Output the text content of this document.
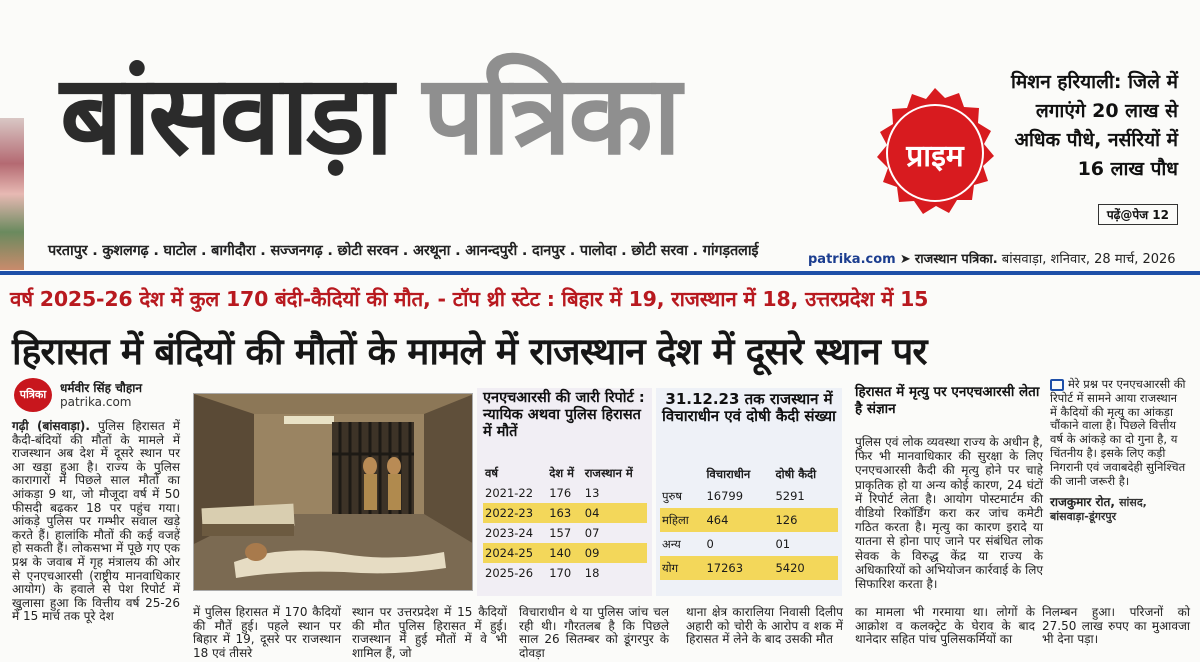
बांसवाड़ा पत्रिका	प्राइम
मिशन हरियाली: जिले में लगाएंगे 20 लाख से अधिक पौधे, नर्सरियों में 16 लाख पौध
पढ़ें@पेज 12
परतापुर . कुशलगढ़ . घाटोल . बागीदौरा . सज्जनगढ़ . छोटी सरवन . अरथूना . आनन्दपुरी . दानपुर . पालोदा . छोटी सरवा . गांगड़तलाई
patrika.com ➤ राजस्थान पत्रिका. बांसवाड़ा, शनिवार, 28 मार्च, 2026
वर्ष 2025-26 देश में कुल 170 बंदी-कैदियों की मौत, - टॉप थ्री स्टेट : बिहार में 19, राजस्थान में 18, उत्तरप्रदेश में 15
हिरासत में बंदियों की मौतों के मामले में राजस्थान देश में दूसरे स्थान पर
पत्रिका	धर्मवीर सिंह चौहान
patrika.com
गढ़ी (बांसवाड़ा). पुलिस हिरासत में कैदी-बंदियों की मौतों के मामले में राजस्थान अब देश में दूसरे स्थान पर आ खड़ा हुआ है। राज्य के पुलिस कारागारों में पिछले साल मौतों का आंकड़ा 9 था, जो मौजूदा वर्ष में 50 फीसदी बढ़कर 18 पर पहुंच गया। आंकड़े पुलिस पर गम्भीर सवाल खड़े करते हैं। हालांकि मौतों की कई वजहें हो सकती हैं। लोकसभा में पूछे गए एक प्रश्न के जवाब में गृह मंत्रालय की ओर से एनएचआरसी (राष्ट्रीय मानवाधिकार आयोग) के हवाले से पेश रिपोर्ट में खुलासा हुआ कि वित्तीय वर्ष 25-26 में 15 मार्च तक पूरे देश
एनएचआरसी की जारी रिपोर्ट : न्यायिक अथवा पुलिस हिरासत में मौतें
वर्ष	देश में	राजस्थान में
2021-22	176	13
2022-23	163	04
2023-24	157	07
2024-25	140	09
2025-26	170	18
31.12.23 तक राजस्थान में विचाराधीन एवं दोषी कैदी संख्या
	विचाराधीन	दोषी कैदी
पुरुष	16799	5291
महिला	464	126
अन्य	0	01
योग	17263	5420
हिरासत में मृत्यु पर एनएचआरसी लेता है संज्ञान
पुलिस एवं लोक व्यवस्था राज्य के अधीन है, फिर भी मानवाधिकार की सुरक्षा के लिए एनएचआरसी कैदी की मृत्यु होने पर चाहे प्राकृतिक हो या अन्य कोई कारण, 24 घंटों में रिपोर्ट लेता है। आयोग पोस्टमार्टम की वीडियो रिकॉर्डिंग करा कर जांच कमेटी गठित करता है। मृत्यु का कारण इरादे या यातना से होना पाए जाने पर संबंधित लोक सेवक के विरुद्ध केंद्र या राज्य के अधिकारियों को अभियोजन कार्रवाई के लिए सिफारिश करता है।
मेरे प्रश्न पर एनएचआरसी की रिपोर्ट में सामने आया राजस्थान में कैदियों की मृत्यु का आंकड़ा चौंकाने वाला है। पिछले वित्तीय वर्ष के आंकड़े का दो गुना है, य चिंतनीय है। इसके लिए कड़ी निगरानी एवं जवाबदेही सुनिश्चित की जानी जरूरी है।
राजकुमार रोत, सांसद, बांसवाड़ा-डूंगरपुर
में पुलिस हिरासत में 170 कैदियों की मौतें हुई। पहले स्थान पर बिहार में 19, दूसरे पर राजस्थान 18 एवं तीसरे
स्थान पर उत्तरप्रदेश में 15 कैदियों की मौत पुलिस हिरासत में हुई। राजस्थान में हुई मौतों में वे भी शामिल हैं, जो
विचाराधीन थे या पुलिस जांच चल रही थी। गौरतलब है कि पिछले साल 26 सितम्बर को डूंगरपुर के दोवड़ा
थाना क्षेत्र कारालिया निवासी दिलीप अहारी को चोरी के आरोप व शक में हिरासत में लेने के बाद उसकी मौत
का मामला भी गरमाया था। लोगों के आक्रोश व कलक्ट्रेट के घेराव के बाद थानेदार सहित पांच पुलिसकर्मियों का
निलम्बन हुआ। परिजनों को 27.50 लाख रुपए का मुआवजा भी देना पड़ा।
